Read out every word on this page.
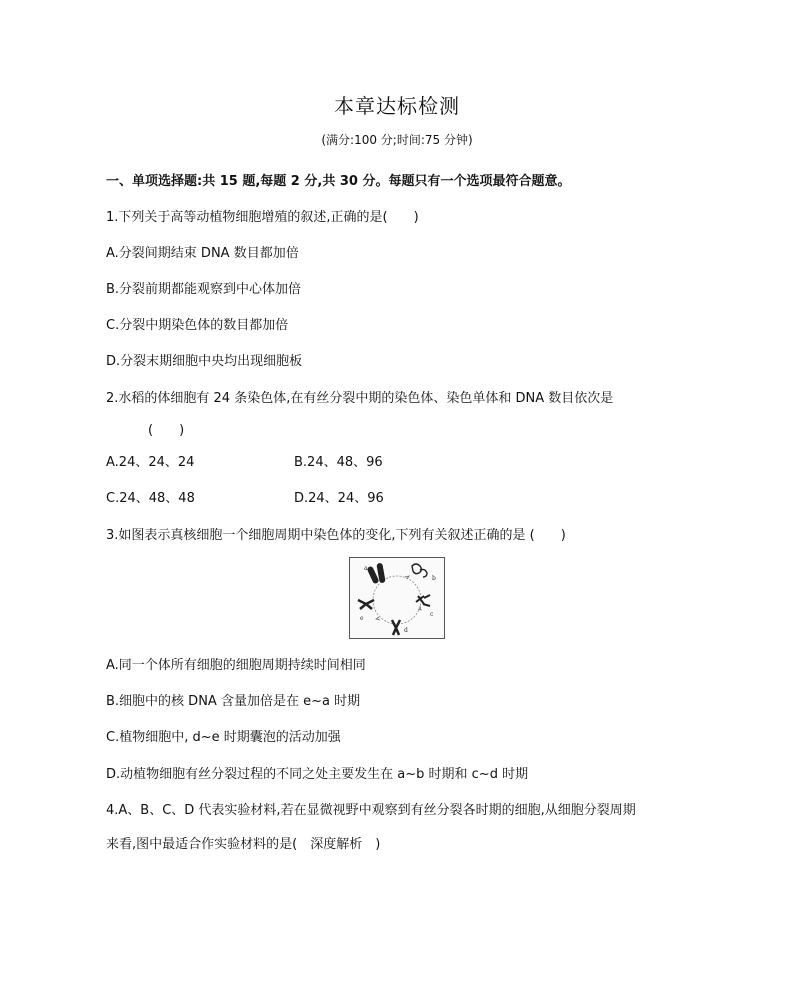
本章达标检测
(满分:100 分;时间:75 分钟)
一、单项选择题:共 15 题,每题 2 分,共 30 分。每题只有一个选项最符合题意。
1.下列关于高等动植物细胞增殖的叙述,正确的是(　　)
A.分裂间期结束 DNA 数目都加倍
B.分裂前期都能观察到中心体加倍
C.分裂中期染色体的数目都加倍
D.分裂末期细胞中央均出现细胞板
2.水稻的体细胞有 24 条染色体,在有丝分裂中期的染色体、染色单体和 DNA 数目依次是
(　　)
A.24、24、24	B.24、48、96
C.24、48、48	D.24、24、96
3.如图表示真核细胞一个细胞周期中染色体的变化,下列有关叙述正确的是 (　　)
a
b
c
d
e
A.同一个体所有细胞的细胞周期持续时间相同
B.细胞中的核 DNA 含量加倍是在 e~a 时期
C.植物细胞中, d~e 时期囊泡的活动加强
D.动植物细胞有丝分裂过程的不同之处主要发生在 a~b 时期和 c~d 时期
4.A、B、C、D 代表实验材料,若在显微视野中观察到有丝分裂各时期的细胞,从细胞分裂周期
来看,图中最适合作实验材料的是(　深度解析　)
